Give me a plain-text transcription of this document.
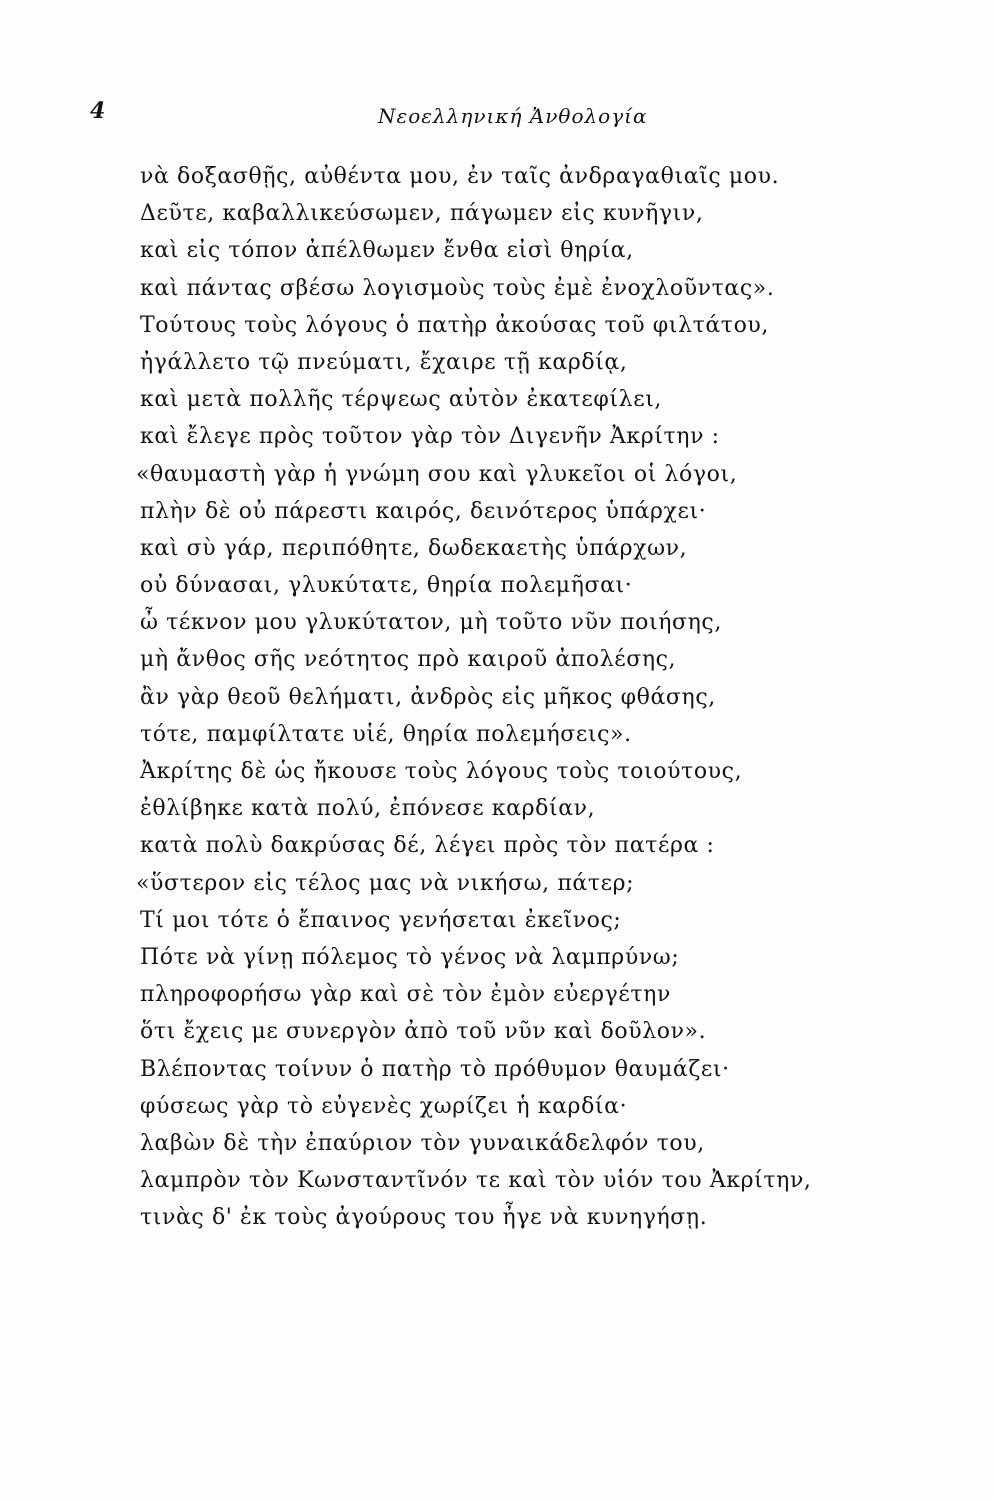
4	Νεοελληνική Ἀνθολογία
νὰ δοξασθῇς, αὐθέντα μου, ἐν ταῖς ἀνδραγαθιαῖς μου.
Δεῦτε, καβαλλικεύσωμεν, πάγωμεν εἰς κυνῆγιν,
καὶ εἰς τόπον ἀπέλθωμεν ἔνθα εἰσὶ θηρία,
καὶ πάντας σβέσω λογισμοὺς τοὺς ἐμὲ ἐνοχλοῦντας».
Τούτους τοὺς λόγους ὁ πατὴρ ἀκούσας τοῦ φιλτάτου,
ἠγάλλετο τῷ πνεύματι, ἔχαιρε τῇ καρδίᾳ,
καὶ μετὰ πολλῆς τέρψεως αὐτὸν ἐκατεφίλει,
καὶ ἔλεγε πρὸς τοῦτον γὰρ τὸν Διγενῆν Ἀκρίτην :
«θαυμαστὴ γὰρ ἡ γνώμη σου καὶ γλυκεῖοι οἱ λόγοι,
πλὴν δὲ οὐ πάρεστι καιρός, δεινότερος ὑπάρχει·
καὶ σὺ γάρ, περιπόθητε, δωδεκαετὴς ὑπάρχων,
οὐ δύνασαι, γλυκύτατε, θηρία πολεμῆσαι·
ὦ τέκνον μου γλυκύτατον, μὴ τοῦτο νῦν ποιήσης,
μὴ ἄνθος σῆς νεότητος πρὸ καιροῦ ἀπολέσης,
ἂν γὰρ θεοῦ θελήματι, ἀνδρὸς εἰς μῆκος φθάσης,
τότε, παμφίλτατε υἱέ, θηρία πολεμήσεις».
Ἀκρίτης δὲ ὡς ἤκουσε τοὺς λόγους τοὺς τοιούτους,
ἐθλίβηκε κατὰ πολύ, ἐπόνεσε καρδίαν,
κατὰ πολὺ δακρύσας δέ, λέγει πρὸς τὸν πατέρα :
«ὕστερον εἰς τέλος μας νὰ νικήσω, πάτερ;
Τί μοι τότε ὁ ἔπαινος γενήσεται ἐκεῖνος;
Πότε νὰ γίνῃ πόλεμος τὸ γένος νὰ λαμπρύνω;
πληροφορήσω γὰρ καὶ σὲ τὸν ἐμὸν εὐεργέτην
ὅτι ἔχεις με συνεργὸν ἀπὸ τοῦ νῦν καὶ δοῦλον».
Βλέποντας τοίνυν ὁ πατὴρ τὸ πρόθυμον θαυμάζει·
φύσεως γὰρ τὸ εὐγενὲς χωρίζει ἡ καρδία·
λαβὼν δὲ τὴν ἐπαύριον τὸν γυναικάδελφόν του,
λαμπρὸν τὸν Κωνσταντῖνόν τε καὶ τὸν υἱόν του Ἀκρίτην,
τινὰς δ' ἐκ τοὺς ἀγούρους του ἦγε νὰ κυνηγήσῃ.
